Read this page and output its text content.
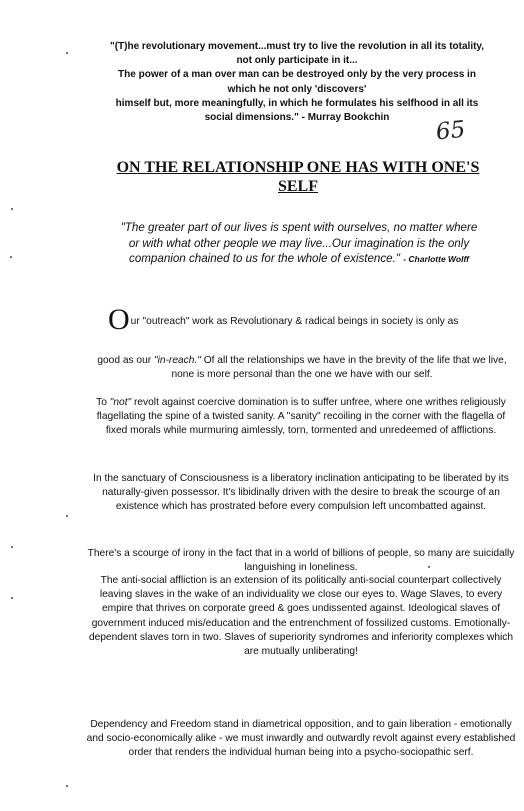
"(T)he revolutionary movement...must try to live the revolution in all its totality,
not only participate in it...
The power of a man over man can be destroyed only by the very process in
which he not only 'discovers'
himself but, more meaningfully, in which he formulates his selfhood in all its
social dimensions." - Murray Bookchin	65
ON THE RELATIONSHIP ONE HAS WITH ONE'S
SELF
"The greater part of our lives is spent with ourselves, no matter where
or with what other people we may live...Our imagination is the only
companion chained to us for the whole of existence." - Charlotte Wolff
Our "outreach" work as Revolutionary & radical beings in society is only as
good as our "in-reach." Of all the relationships we have in the brevity of the life that we live, none is more personal than the one we have with our self.
To "not" revolt against coercive domination is to suffer unfree, where one writhes religiously flagellating the spine of a twisted sanity. A "sanity" recoiling in the corner with the flagella of fixed morals while murmuring aimlessly, torn, tormented and unredeemed of afflictions.
In the sanctuary of Consciousness is a liberatory inclination anticipating to be liberated by its naturally-given possessor. It's libidinally driven with the desire to break the scourge of an existence which has prostrated before every compulsion left uncombatted against.
There's a scourge of irony in the fact that in a world of billions of people, so many are suicidally languishing in loneliness.
The anti-social affliction is an extension of its politically anti-social counterpart collectively leaving slaves in the wake of an individuality we close our eyes to. Wage Slaves, to every empire that thrives on corporate greed & goes undissented against. Ideological slaves of government induced mis/education and the entrenchment of fossilized customs. Emotionally-dependent slaves torn in two. Slaves of superiority syndromes and inferiority complexes which are mutually unliberating!
Dependency and Freedom stand in diametrical opposition, and to gain liberation - emotionally and socio-economically alike - we must inwardly and outwardly revolt against every established order that renders the individual human being into a psycho-sociopathic serf.
